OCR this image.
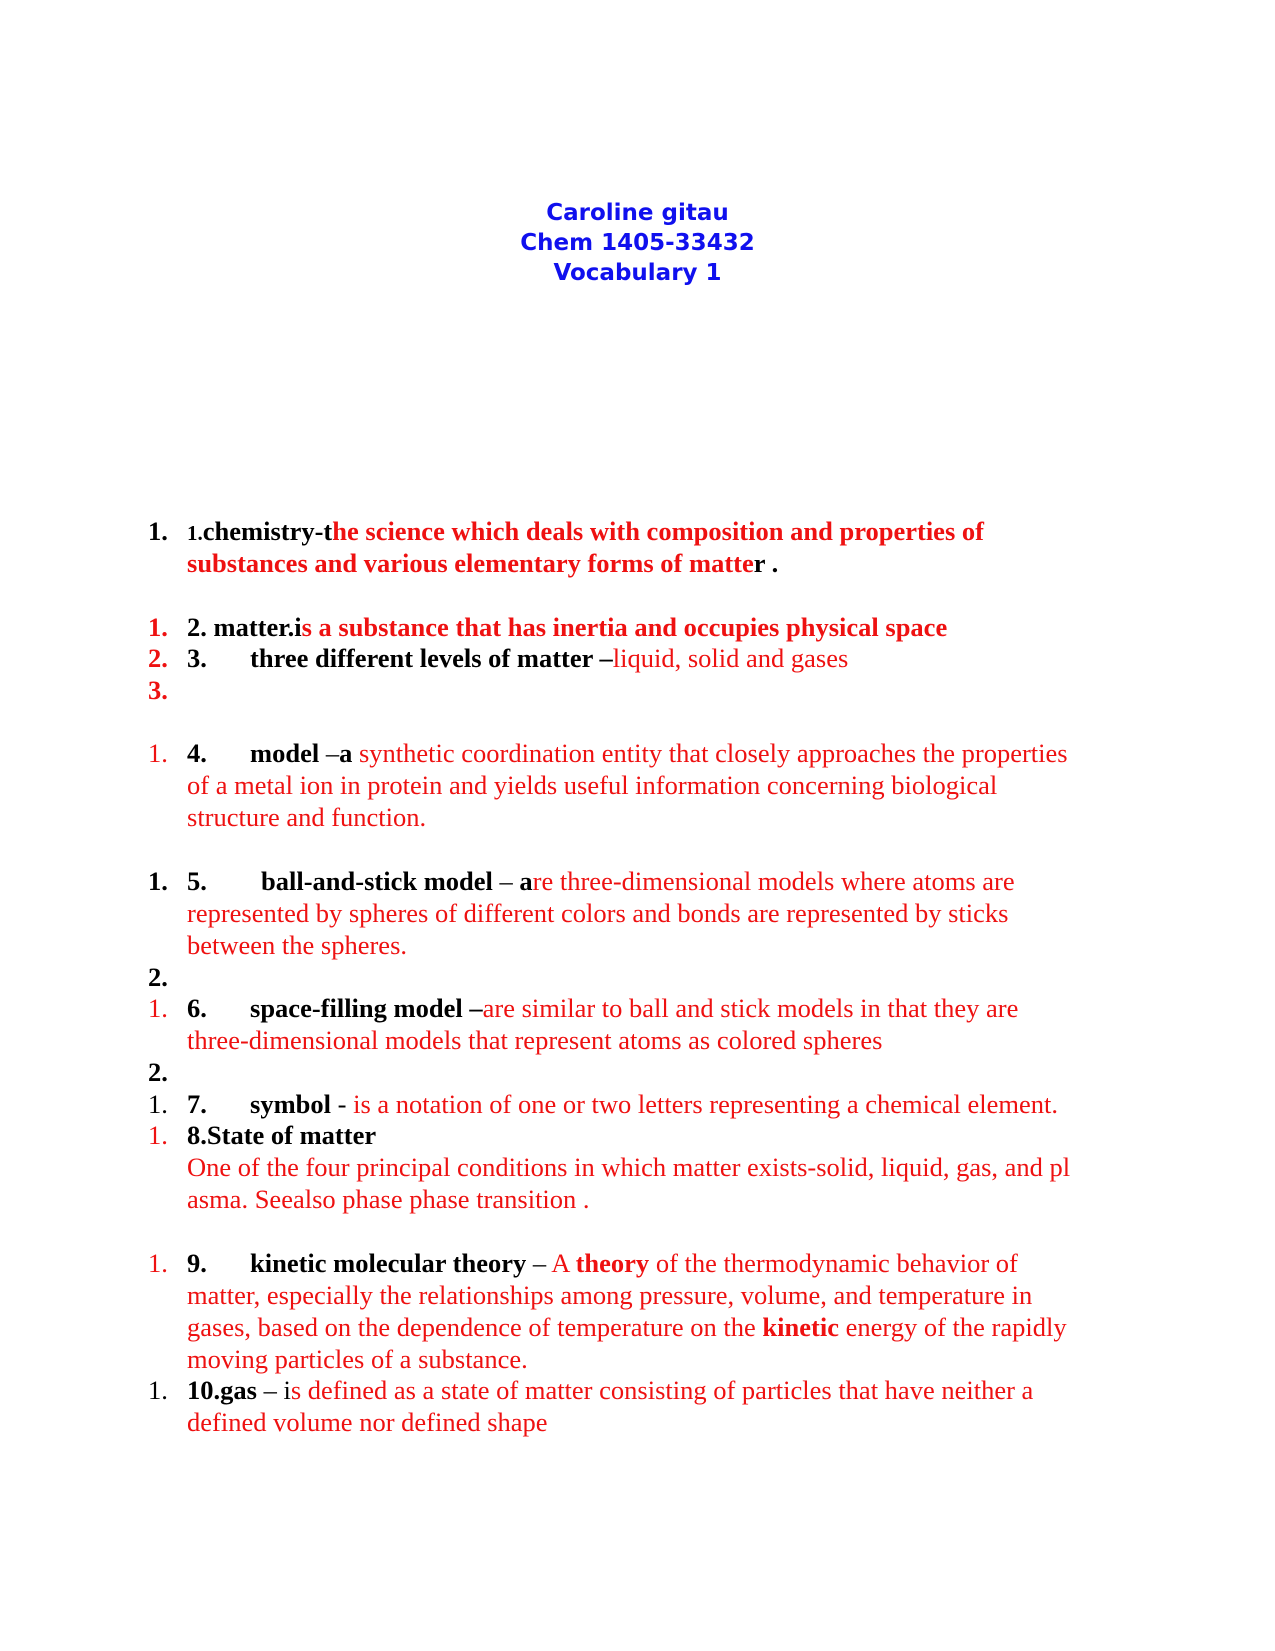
Caroline gitau
Chem 1405-33432
Vocabulary 1
1. 1.chemistry-the science which deals with composition and properties of
substances and various elementary forms of matter .
1. 2. matter.is a substance that has inertia and occupies physical space
2. 3. three different levels of matter –liquid, solid and gases
3.
1. 4. model –a synthetic coordination entity that closely approaches the properties
of a metal ion in protein and yields useful information concerning biological
structure and function.
1. 5. ball-and-stick model – are three-dimensional models where atoms are
represented by spheres of different colors and bonds are represented by sticks
between the spheres.
2.
1. 6. space-filling model –are similar to ball and stick models in that they are
three-dimensional models that represent atoms as colored spheres
2.
1. 7. symbol - is a notation of one or two letters representing a chemical element.
1. 8.State of matter
One of the four principal conditions in which matter exists-solid, liquid, gas, and pl
asma. Seealso phase phase transition .
1. 9. kinetic molecular theory – A theory of the thermodynamic behavior of
matter, especially the relationships among pressure, volume, and temperature in
gases, based on the dependence of temperature on the kinetic energy of the rapidly
moving particles of a substance.
1. 10.gas – is defined as a state of matter consisting of particles that have neither a
defined volume nor defined shape
